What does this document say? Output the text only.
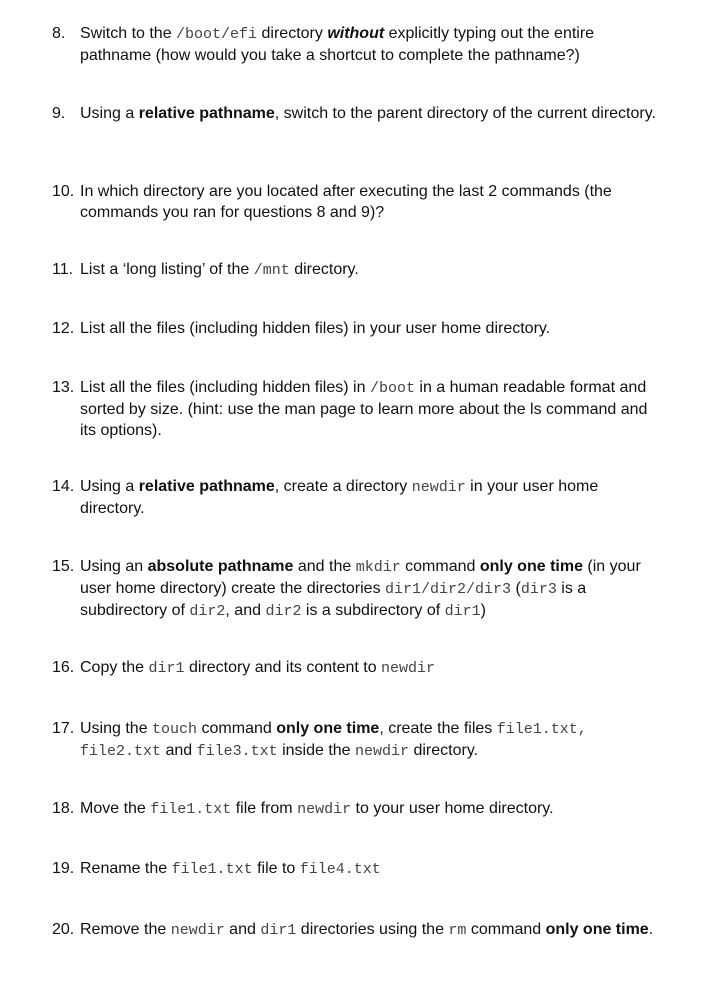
8. Switch to the /boot/efi directory without explicitly typing out the entire pathname (how would you take a shortcut to complete the pathname?)
9. Using a relative pathname, switch to the parent directory of the current directory.
10. In which directory are you located after executing the last 2 commands (the commands you ran for questions 8 and 9)?
11. List a ‘long listing’ of the /mnt directory.
12. List all the files (including hidden files) in your user home directory.
13. List all the files (including hidden files) in /boot in a human readable format and sorted by size. (hint: use the man page to learn more about the ls command and its options).
14. Using a relative pathname, create a directory newdir in your user home directory.
15. Using an absolute pathname and the mkdir command only one time (in your user home directory) create the directories dir1/dir2/dir3 (dir3 is a subdirectory of dir2, and dir2 is a subdirectory of dir1)
16. Copy the dir1 directory and its content to newdir
17. Using the touch command only one time, create the files file1.txt, file2.txt and file3.txt inside the newdir directory.
18. Move the file1.txt file from newdir to your user home directory.
19. Rename the file1.txt file to file4.txt
20. Remove the newdir and dir1 directories using the rm command only one time.
